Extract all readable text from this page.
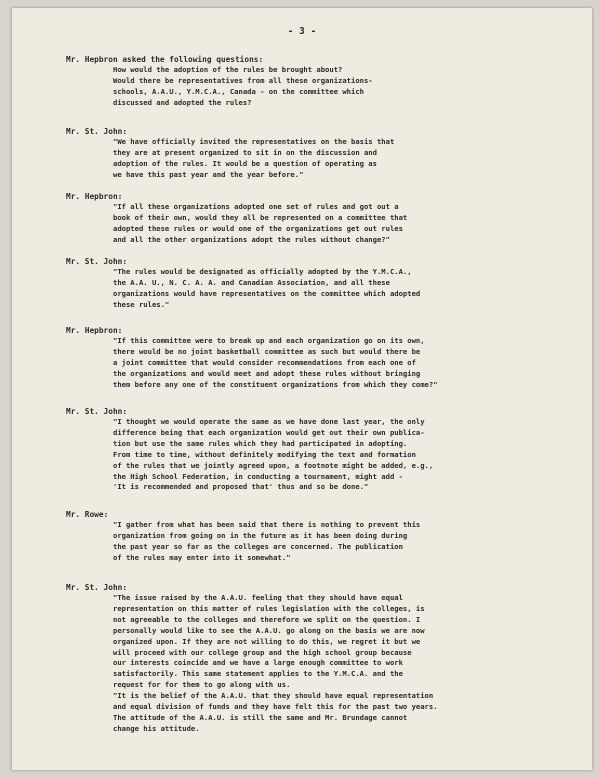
- 3 -
Mr. Hepbron asked the following questions:
How would the adoption of the rules be brought about?
Would there be representatives from all these organizations-
schools, A.A.U., Y.M.C.A., Canada - on the committee which
discussed and adopted the rules?
Mr. St. John:
"We have officially invited the representatives on the basis that
they are at present organized to sit in on the discussion and
adoption of the rules. It would be a question of operating as
we have this past year and the year before."
Mr. Hepbron:
"If all these organizations adopted one set of rules and got out a
book of their own, would they all be represented on a committee that
adopted these rules or would one of the organizations get out rules
and all the other organizations adopt the rules without change?"
Mr. St. John:
"The rules would be designated as officially adopted by the Y.M.C.A.,
the A.A. U., N. C. A. A. and Canadian Association, and all these
organizations would have representatives on the committee which adopted
these rules."
Mr. Hepbron:
"If this committee were to break up and each organization go on its own,
there would be no joint basketball committee as such but would there be
a joint committee that would consider recommendations from each one of
the organizations and would meet and adopt these rules without bringing
them before any one of the constituent organizations from which they come?"
Mr. St. John:
"I thought we would operate the same as we have done last year, the only
difference being that each organization would get out their own publica-
tion but use the same rules which they had participated in adopting.
From time to time, without definitely modifying the text and formation
of the rules that we jointly agreed upon, a footnote might be added, e.g.,
the High School Federation, in conducting a tournament, might add -
'It is recommended and proposed that' thus and so be done."
Mr. Rowe:
"I gather from what has been said that there is nothing to prevent this
organization from going on in the future as it has been doing during
the past year so far as the colleges are concerned. The publication
of the rules may enter into it somewhat."
Mr. St. John:
"The issue raised by the A.A.U. feeling that they should have equal
representation on this matter of rules legislation with the colleges, is
not agreeable to the colleges and therefore we split on the question. I
personally would like to see the A.A.U. go along on the basis we are now
organized upon. If they are not willing to do this, we regret it but we
will proceed with our college group and the high school group because
our interests coincide and we have a large enough committee to work
satisfactorily. This same statement applies to the Y.M.C.A. and the
request for for them to go along with us.
"It is the belief of the A.A.U. that they should have equal representation
and equal division of funds and they have felt this for the past two years.
The attitude of the A.A.U. is still the same and Mr. Brundage cannot
change his attitude.
